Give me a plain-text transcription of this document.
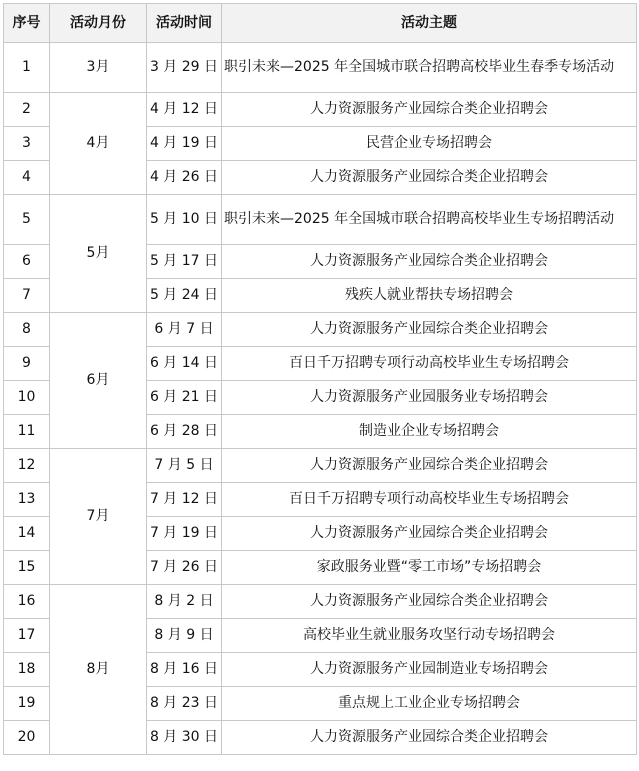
序号	活动月份	活动时间	活动主题
1	3月	3 月 29 日	职引未来—2025 年全国城市联合招聘高校毕业生春季专场活动
2	4月	4 月 12 日	人力资源服务产业园综合类企业招聘会
3		4 月 19 日	民营企业专场招聘会
4		4 月 26 日	人力资源服务产业园综合类企业招聘会
5	5月	5 月 10 日	职引未来—2025 年全国城市联合招聘高校毕业生专场招聘活动
6		5 月 17 日	人力资源服务产业园综合类企业招聘会
7		5 月 24 日	残疾人就业帮扶专场招聘会
8	6月	6 月 7 日	人力资源服务产业园综合类企业招聘会
9		6 月 14 日	百日千万招聘专项行动高校毕业生专场招聘会
10		6 月 21 日	人力资源服务产业园服务业专场招聘会
11		6 月 28 日	制造业企业专场招聘会
12	7月	7 月 5 日	人力资源服务产业园综合类企业招聘会
13		7 月 12 日	百日千万招聘专项行动高校毕业生专场招聘会
14		7 月 19 日	人力资源服务产业园综合类企业招聘会
15		7 月 26 日	家政服务业暨“零工市场”专场招聘会
16	8月	8 月 2 日	人力资源服务产业园综合类企业招聘会
17		8 月 9 日	高校毕业生就业服务攻坚行动专场招聘会
18		8 月 16 日	人力资源服务产业园制造业专场招聘会
19		8 月 23 日	重点规上工业企业专场招聘会
20		8 月 30 日	人力资源服务产业园综合类企业招聘会
